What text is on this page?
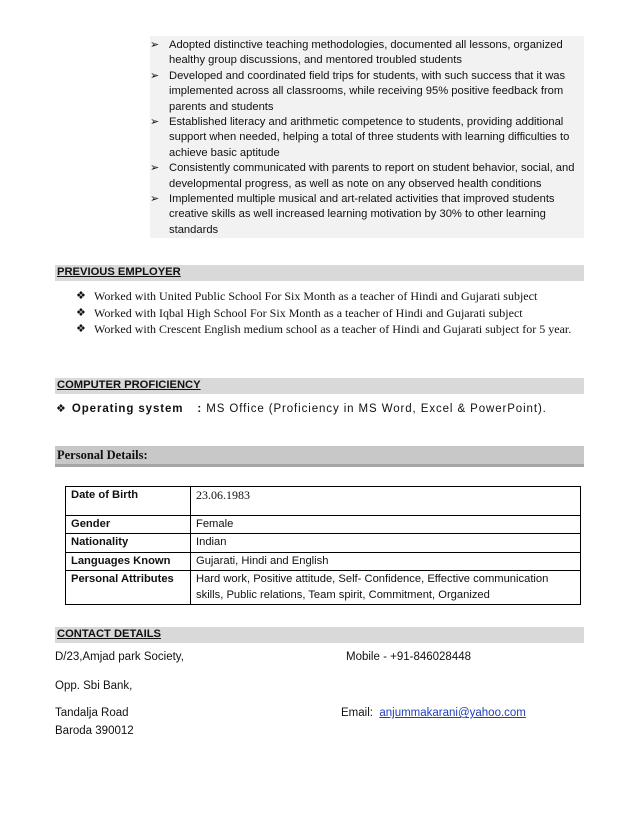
➢ Adopted distinctive teaching methodologies, documented all lessons, organized healthy group discussions, and mentored troubled students
➢ Developed and coordinated field trips for students, with such success that it was implemented across all classrooms, while receiving 95% positive feedback from parents and students
➢ Established literacy and arithmetic competence to students, providing additional support when needed, helping a total of three students with learning difficulties to achieve basic aptitude
➢ Consistently communicated with parents to report on student behavior, social, and developmental progress, as well as note on any observed health conditions
➢ Implemented multiple musical and art-related activities that improved students creative skills as well increased learning motivation by 30% to other learning standards
PREVIOUS EMPLOYER
❖ Worked with United Public School For Six Month as a teacher of Hindi and Gujarati subject
❖ Worked with Iqbal High School For Six Month as a teacher of Hindi and Gujarati subject
❖ Worked with Crescent English medium school as a teacher of Hindi and Gujarati subject for 5 year.
COMPUTER PROFICIENCY
❖ Operating system : MS Office (Proficiency in MS Word, Excel & PowerPoint).
Personal Details:
Date of Birth	23.06.1983
Gender	Female
Nationality	Indian
Languages Known	Gujarati, Hindi and English
Personal Attributes	Hard work, Positive attitude, Self- Confidence, Effective communication skills, Public relations, Team spirit, Commitment, Organized
CONTACT DETAILS
D/23,Amjad park Society,
Opp. Sbi Bank,
Tandalja Road
Baroda 390012
Mobile - +91-846028448
Email: anjummakarani@yahoo.com
